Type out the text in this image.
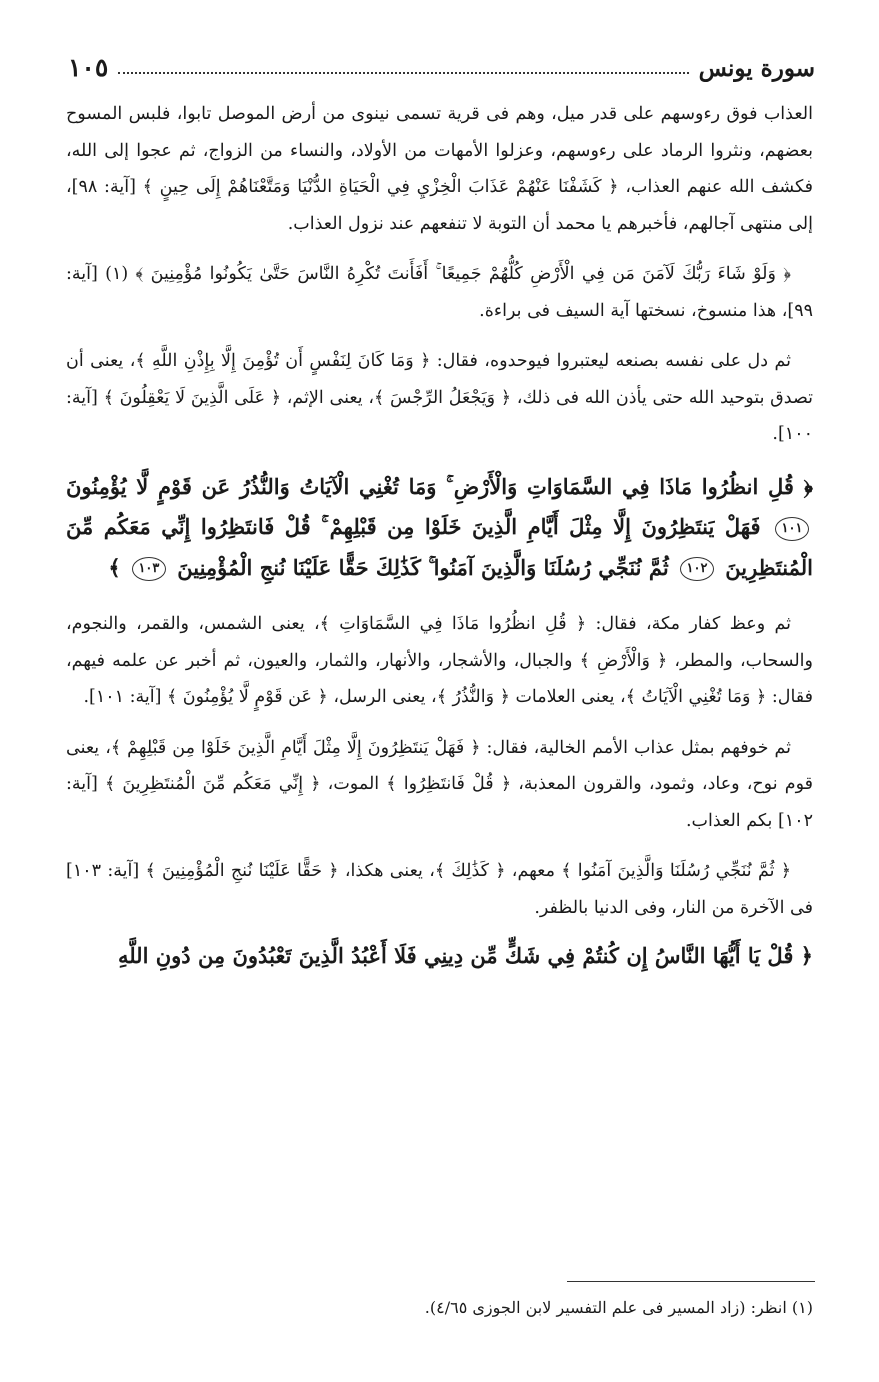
سورة يونس
١٠٥

العذاب فوق رءوسهم على قدر ميل، وهم فى قرية تسمى نينوى من أرض الموصل تابوا، فلبس المسوح بعضهم، ونثروا الرماد على رءوسهم، وعزلوا الأمهات من الأولاد، والنساء من الزواج، ثم عجوا إلى الله، فكشف الله عنهم العذاب، ﴿ كَشَفْنَا عَنْهُمْ عَذَابَ الْخِزْيِ فِي الْحَيَاةِ الدُّنْيَا وَمَتَّعْنَاهُمْ إِلَى حِينٍ ﴾ [آية: ٩٨]، إلى منتهى آجالهم، فأخبرهم يا محمد أن التوبة لا تنفعهم عند نزول العذاب.

﴿ وَلَوْ شَاءَ رَبُّكَ لَآمَنَ مَن فِي الْأَرْضِ كُلُّهُمْ جَمِيعًا ۚ أَفَأَنتَ تُكْرِهُ النَّاسَ حَتَّىٰ يَكُونُوا مُؤْمِنِينَ ﴾ (١) [آية: ٩٩]، هذا منسوخ، نسختها آية السيف فى براءة.

ثم دل على نفسه بصنعه ليعتبروا فيوحدوه، فقال: ﴿ وَمَا كَانَ لِنَفْسٍ أَن تُؤْمِنَ إِلَّا بِإِذْنِ اللَّهِ ﴾، يعنى أن تصدق بتوحيد الله حتى يأذن الله فى ذلك، ﴿ وَيَجْعَلُ الرِّجْسَ ﴾، يعنى الإثم، ﴿ عَلَى الَّذِينَ لَا يَعْقِلُونَ ﴾ [آية: ١٠٠].

﴿ قُلِ انظُرُوا مَاذَا فِي السَّمَاوَاتِ وَالْأَرْضِ ۚ وَمَا تُغْنِي الْآيَاتُ وَالنُّذُرُ عَن قَوْمٍ لَّا يُؤْمِنُونَ ١٠١ فَهَلْ يَنتَظِرُونَ إِلَّا مِثْلَ أَيَّامِ الَّذِينَ خَلَوْا مِن قَبْلِهِمْ ۚ قُلْ فَانتَظِرُوا إِنِّي مَعَكُم مِّنَ الْمُنتَظِرِينَ ١٠٢ ثُمَّ نُنَجِّي رُسُلَنَا وَالَّذِينَ آمَنُوا ۚ كَذَٰلِكَ حَقًّا عَلَيْنَا نُنجِ الْمُؤْمِنِينَ ١٠٣ ﴾

ثم وعظ كفار مكة، فقال: ﴿ قُلِ انظُرُوا مَاذَا فِي السَّمَاوَاتِ ﴾، يعنى الشمس، والقمر، والنجوم، والسحاب، والمطر، ﴿ وَالْأَرْضِ ﴾ والجبال، والأشجار، والأنهار، والثمار، والعيون، ثم أخبر عن علمه فيهم، فقال: ﴿ وَمَا تُغْنِي الْآيَاتُ ﴾، يعنى العلامات ﴿ وَالنُّذُرُ ﴾، يعنى الرسل، ﴿ عَن قَوْمٍ لَّا يُؤْمِنُونَ ﴾ [آية: ١٠١].

ثم خوفهم بمثل عذاب الأمم الخالية، فقال: ﴿ فَهَلْ يَنتَظِرُونَ إِلَّا مِثْلَ أَيَّامِ الَّذِينَ خَلَوْا مِن قَبْلِهِمْ ﴾، يعنى قوم نوح، وعاد، وثمود، والقرون المعذبة، ﴿ قُلْ فَانتَظِرُوا ﴾ الموت، ﴿ إِنِّي مَعَكُم مِّنَ الْمُنتَظِرِينَ ﴾ [آية: ١٠٢] بكم العذاب.

﴿ ثُمَّ نُنَجِّي رُسُلَنَا وَالَّذِينَ آمَنُوا ﴾ معهم، ﴿ كَذَٰلِكَ ﴾، يعنى هكذا، ﴿ حَقًّا عَلَيْنَا نُنجِ الْمُؤْمِنِينَ ﴾ [آية: ١٠٣] فى الآخرة من النار، وفى الدنيا بالظفر.

﴿ قُلْ يَا أَيُّهَا النَّاسُ إِن كُنتُمْ فِي شَكٍّ مِّن دِينِي فَلَا أَعْبُدُ الَّذِينَ تَعْبُدُونَ مِن دُونِ اللَّهِ

(١) انظر: (زاد المسير فى علم التفسير لابن الجوزى ٤/٦٥).
